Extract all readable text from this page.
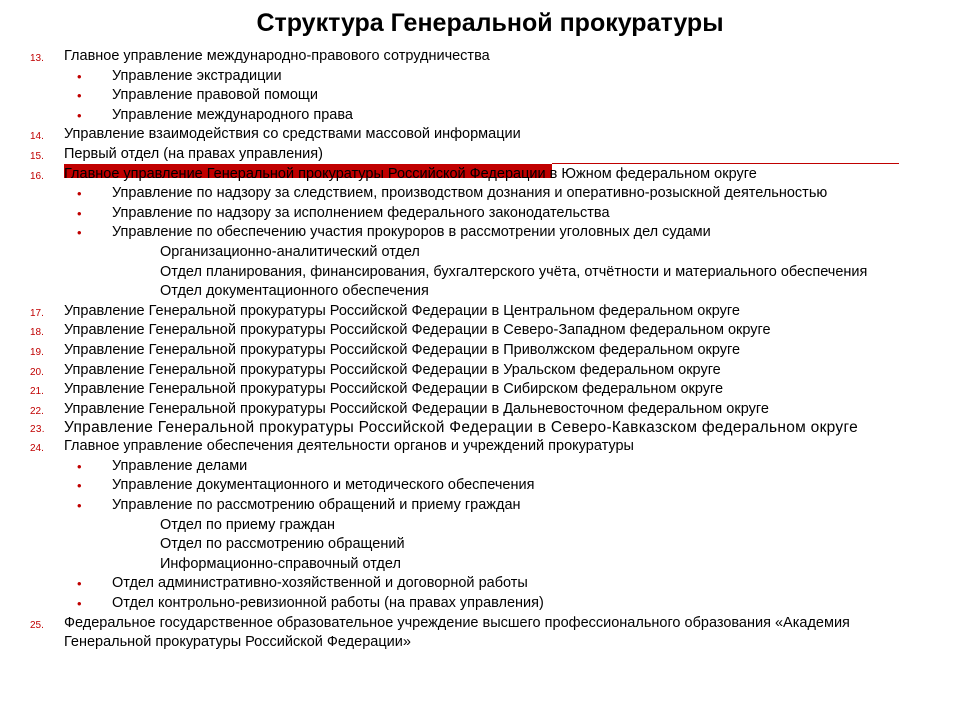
Структура Генеральной прокуратуры
13. Главное управление международно-правового сотрудничества
• Управление экстрадиции
• Управление правовой помощи
• Управление международного права
14. Управление взаимодействия со средствами массовой информации
15. Первый отдел (на правах управления)
16. Главное управление Генеральной прокуратуры Российской Федерации в Южном федеральном округе
• Управление по надзору за следствием, производством дознания и оперативно-розыскной деятельностью
• Управление по надзору за исполнением федерального законодательства
• Управление по обеспечению участия прокуроров в рассмотрении уголовных дел судами
Организационно-аналитический отдел
Отдел планирования, финансирования, бухгалтерского учёта, отчётности и материального обеспечения
Отдел документационного обеспечения
17. Управление Генеральной прокуратуры Российской Федерации в Центральном федеральном округе
18. Управление Генеральной прокуратуры Российской Федерации в Северо-Западном федеральном округе
19. Управление Генеральной прокуратуры Российской Федерации в Приволжском федеральном округе
20. Управление Генеральной прокуратуры Российской Федерации в Уральском федеральном округе
21. Управление Генеральной прокуратуры Российской Федерации в Сибирском федеральном округе
22. Управление Генеральной прокуратуры Российской Федерации в Дальневосточном федеральном округе
23. Управление Генеральной прокуратуры Российской Федерации в Северо-Кавказском федеральном округе
24. Главное управление обеспечения деятельности органов и учреждений прокуратуры
• Управление делами
• Управление документационного и методического обеспечения
• Управление по рассмотрению обращений и приему граждан
Отдел по приему граждан
Отдел по рассмотрению обращений
Информационно-справочный отдел
• Отдел административно-хозяйственной и договорной работы
• Отдел контрольно-ревизионной работы (на правах управления)
25. Федеральное государственное образовательное учреждение высшего профессионального образования «Академия Генеральной прокуратуры Российской Федерации»
